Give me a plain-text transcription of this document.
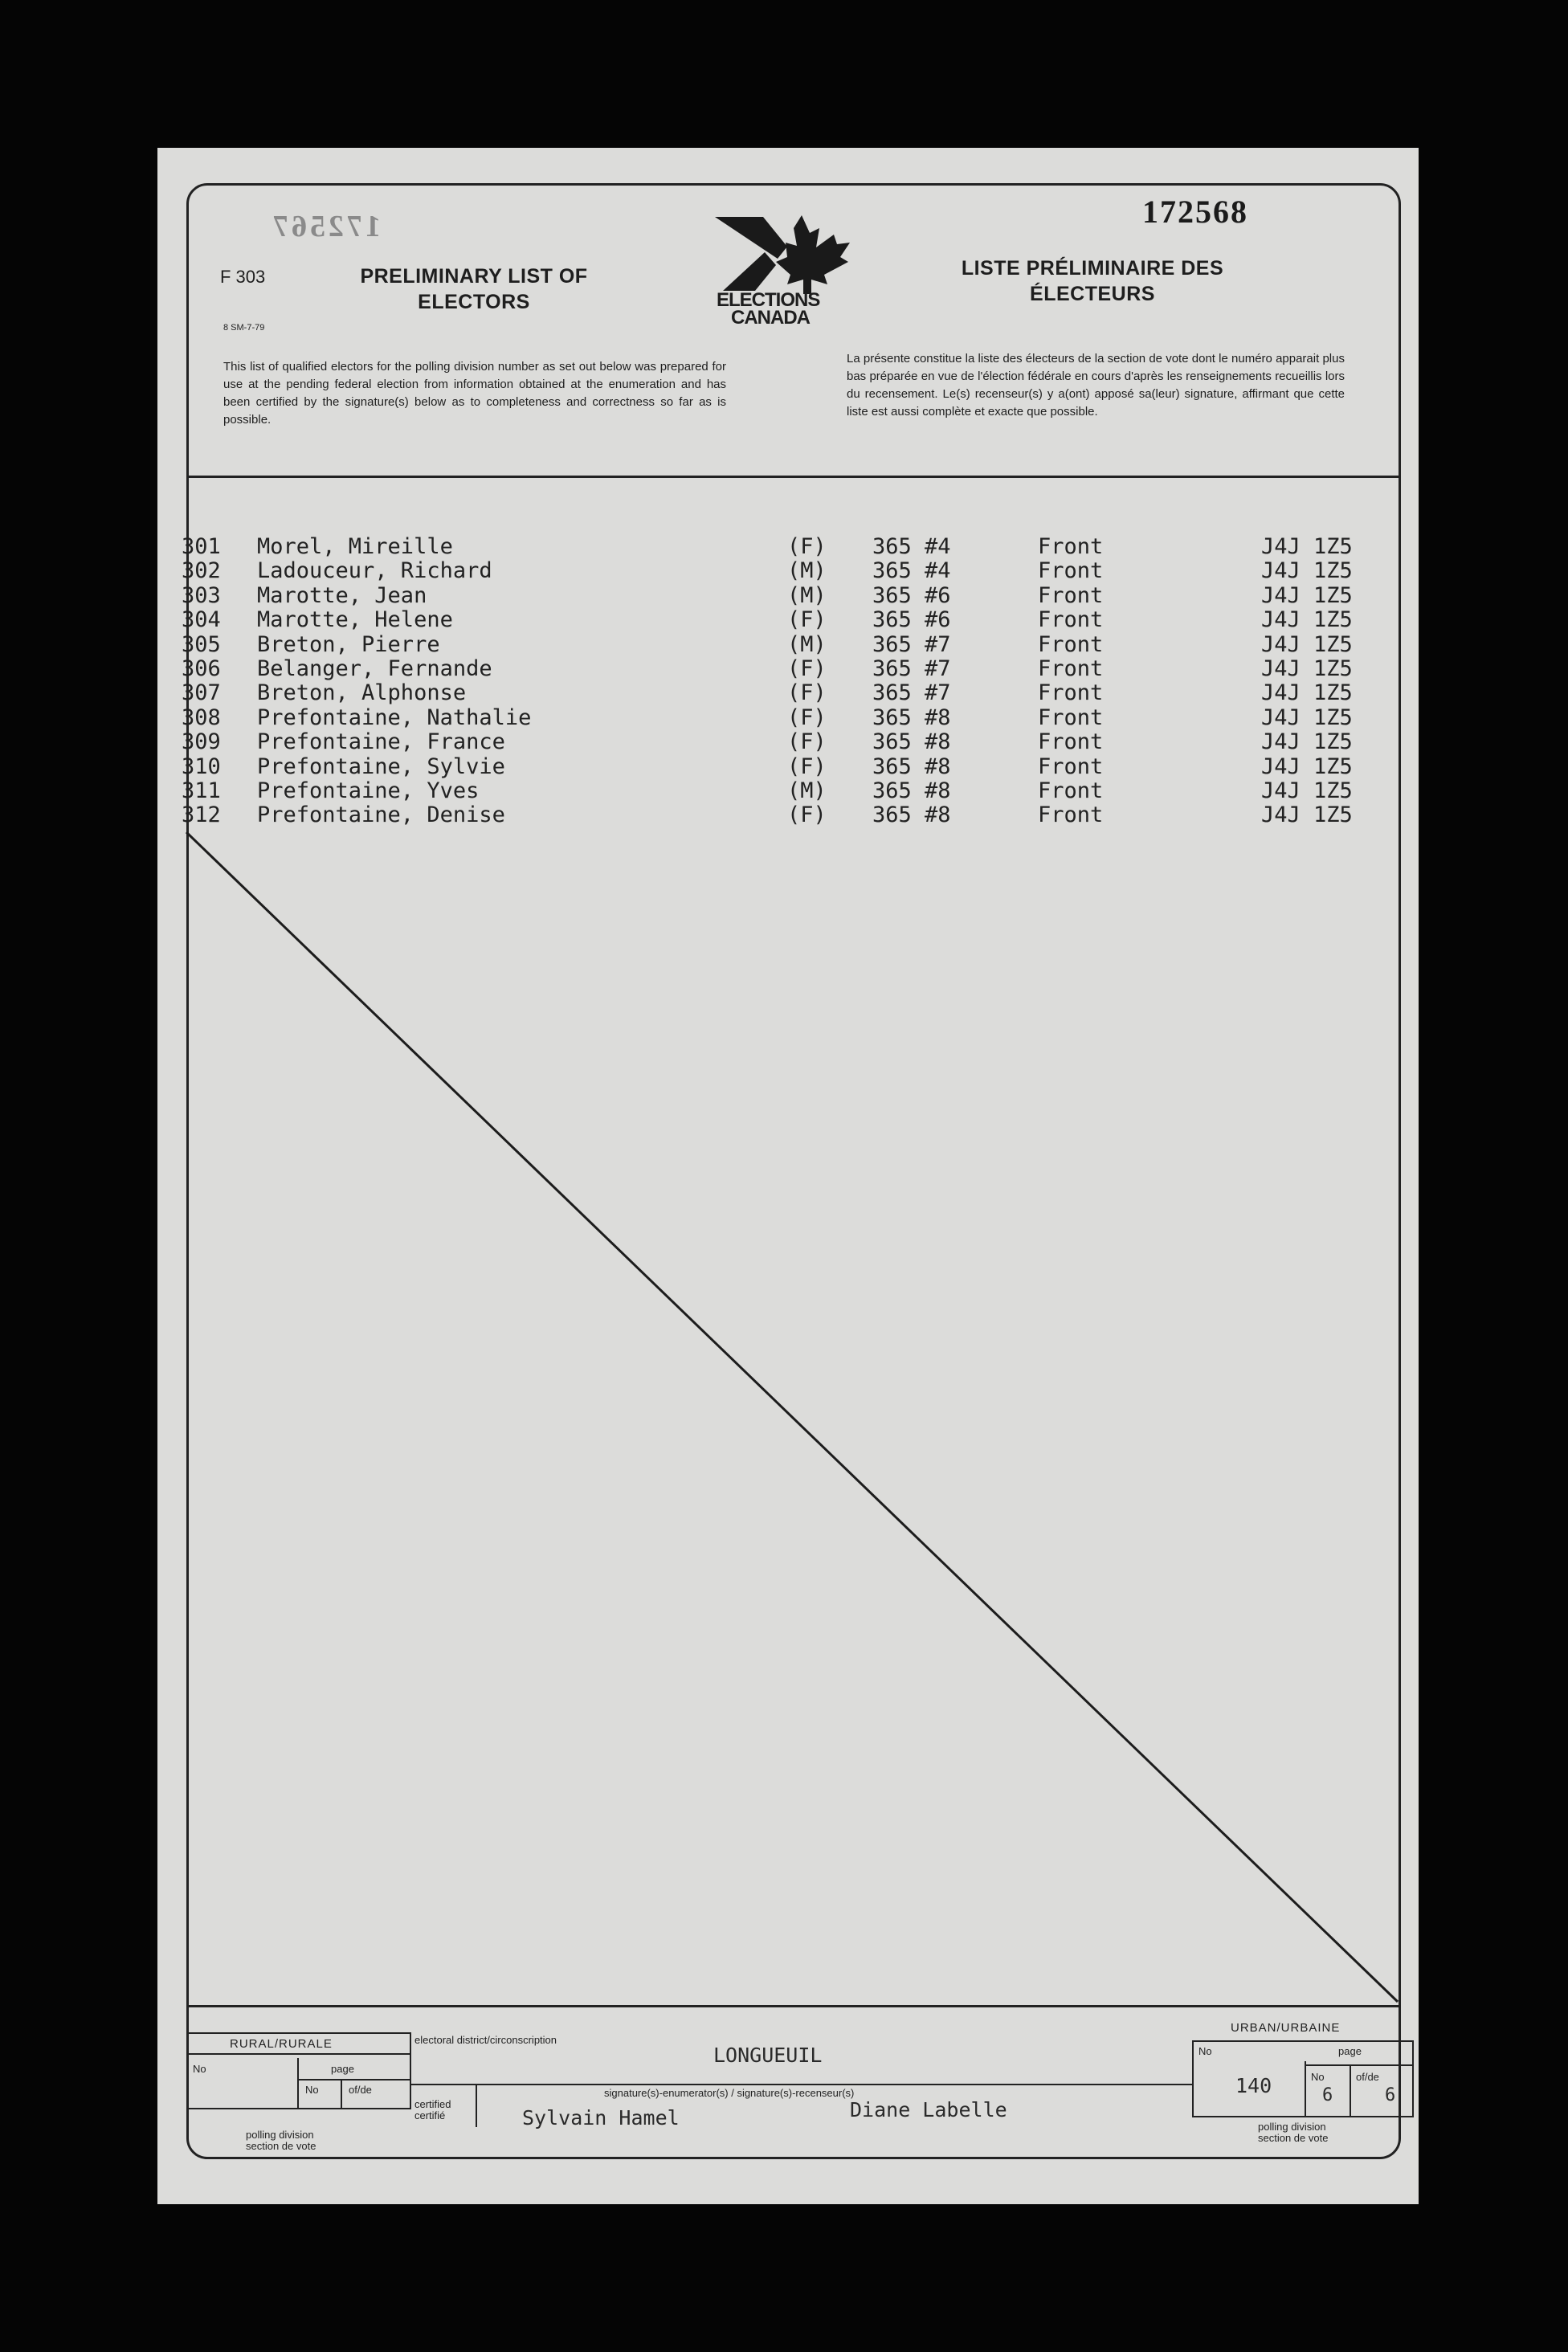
172568
172567
F 303	PRELIMINARY LIST OF ELECTORS
8 SM-7-79
ELECTIONS
CANADA
LISTE PRÉLIMINAIRE DES ÉLECTEURS
This list of qualified electors for the polling division number as set out below was prepared for use at the pending federal election from information obtained at the enumeration and has been certified by the signature(s) below as to completeness and correctness so far as is possible.
La présente constitue la liste des électeurs de la section de vote dont le numéro apparait plus bas préparée en vue de l'élection fédérale en cours d'après les renseignements recueillis lors du recensement. Le(s) recenseur(s) y a(ont) apposé sa(leur) signature, affirmant que cette liste est aussi complète et exacte que possible.
301 Morel, Mireille	(F) 365 #4	Front	J4J 1Z5
302 Ladouceur, Richard	(M) 365 #4	Front	J4J 1Z5
303 Marotte, Jean	(M) 365 #6	Front	J4J 1Z5
304 Marotte, Helene	(F) 365 #6	Front	J4J 1Z5
305 Breton, Pierre	(M) 365 #7	Front	J4J 1Z5
306 Belanger, Fernande	(F) 365 #7	Front	J4J 1Z5
307 Breton, Alphonse	(F) 365 #7	Front	J4J 1Z5
308 Prefontaine, Nathalie	(F) 365 #8	Front	J4J 1Z5
309 Prefontaine, France	(F) 365 #8	Front	J4J 1Z5
310 Prefontaine, Sylvie	(F) 365 #8	Front	J4J 1Z5
311 Prefontaine, Yves	(M) 365 #8	Front	J4J 1Z5
312 Prefontaine, Denise	(F) 365 #8	Front	J4J 1Z5
RURAL/RURALE
No	page
No	of/de
polling division
section de vote
electoral district/circonscription
LONGUEUIL
certified
certifié
signature(s)-enumerator(s) / signature(s)-recenseur(s)
Sylvain Hamel	Diane Labelle
URBAN/URBAINE
No	page
140	No	of/de
6	6
polling division
section de vote
